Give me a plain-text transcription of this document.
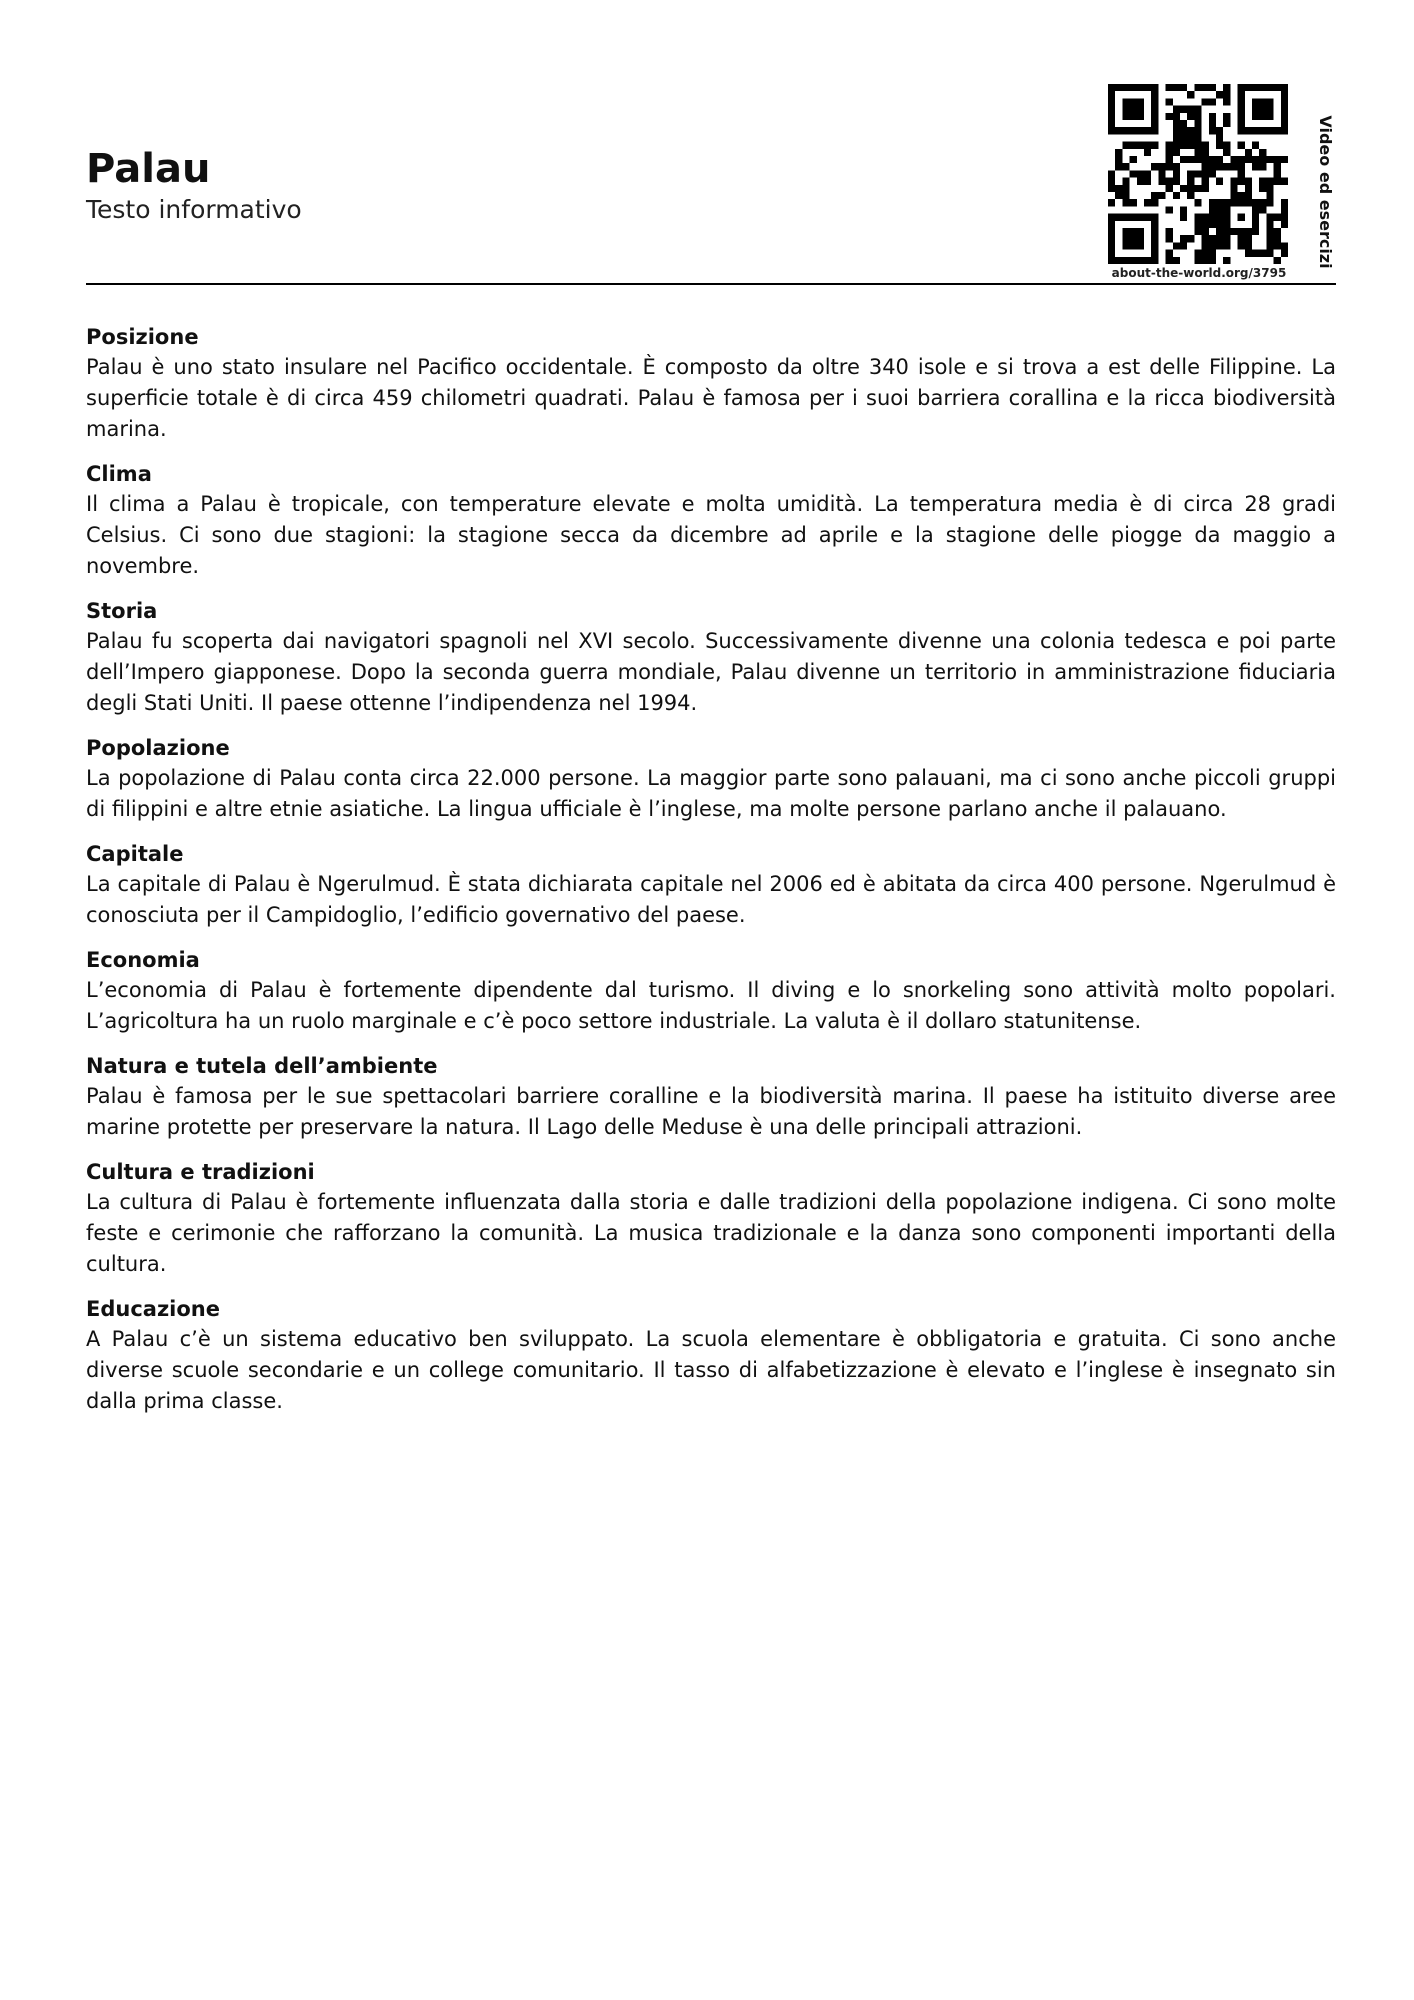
Palau
Testo informativo
about-the-world.org/3795
Video ed esercizi
Posizione

Palau è uno stato insulare nel Pacifico occidentale. È composto da oltre 340 isole e si trova a est delle Filippine. La superficie totale è di circa 459 chilometri quadrati. Palau è famosa per i suoi barriera corallina e la ricca biodiversità marina.

Clima

Il clima a Palau è tropicale, con temperature elevate e molta umidità. La temperatura media è di circa 28 gradi Celsius. Ci sono due stagioni: la stagione secca da dicembre ad aprile e la stagione delle piogge da maggio a novembre.

Storia

Palau fu scoperta dai navigatori spagnoli nel XVI secolo. Successivamente divenne una colonia tedesca e poi parte dell’Impero giapponese. Dopo la seconda guerra mondiale, Palau divenne un territorio in amministrazione fiduciaria degli Stati Uniti. Il paese ottenne l’indipendenza nel 1994.

Popolazione

La popolazione di Palau conta circa 22.000 persone. La maggior parte sono palauani, ma ci sono anche piccoli gruppi di filippini e altre etnie asiatiche. La lingua ufficiale è l’inglese, ma molte persone parlano anche il palauano.

Capitale

La capitale di Palau è Ngerulmud. È stata dichiarata capitale nel 2006 ed è abitata da circa 400 persone. Ngerulmud è conosciuta per il Campidoglio, l’edificio governativo del paese.

Economia

L’economia di Palau è fortemente dipendente dal turismo. Il diving e lo snorkeling sono attività molto popolari. L’agricoltura ha un ruolo marginale e c’è poco settore industriale. La valuta è il dollaro statunitense.

Natura e tutela dell’ambiente

Palau è famosa per le sue spettacolari barriere coralline e la biodiversità marina. Il paese ha istituito diverse aree marine protette per preservare la natura. Il Lago delle Meduse è una delle principali attrazioni.

Cultura e tradizioni

La cultura di Palau è fortemente influenzata dalla storia e dalle tradizioni della popolazione indigena. Ci sono molte feste e cerimonie che rafforzano la comunità. La musica tradizionale e la danza sono componenti importanti della cultura.

Educazione

A Palau c’è un sistema educativo ben sviluppato. La scuola elementare è obbligatoria e gratuita. Ci sono anche diverse scuole secondarie e un college comunitario. Il tasso di alfabetizzazione è elevato e l’inglese è insegnato sin dalla prima classe.
